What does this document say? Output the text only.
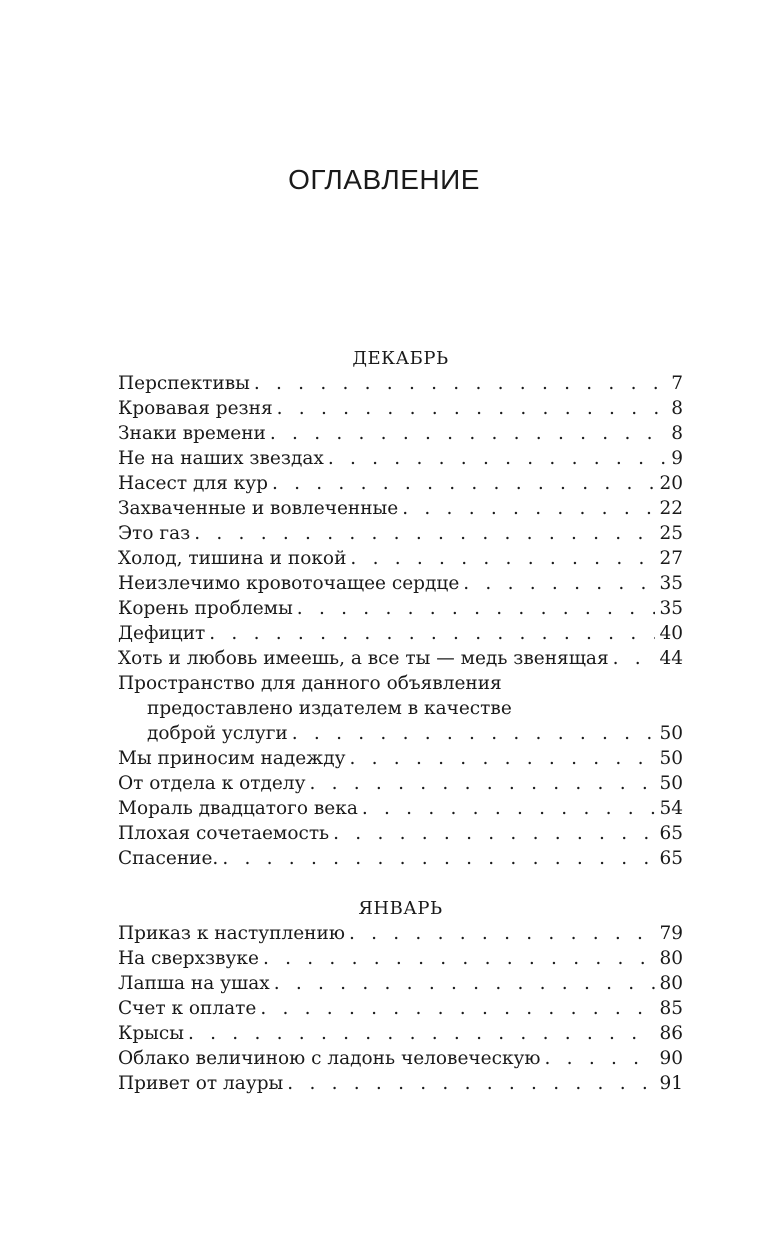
ОГЛАВЛЕНИЕ
ДЕКАБРЬ
Перспективы . . .	7
Кровавая резня . . .	8
Знаки времени . . .	8
Не на наших звездах . . .	9
Насест для кур . . .	20
Захваченные и вовлеченные . . .	22
Это газ . . .	25
Холод, тишина и покой . . .	27
Неизлечимо кровоточащее сердце . . .	35
Корень проблемы . . .	35
Дефицит . . .	40
Хоть и любовь имеешь, а все ты — медь звенящая . . .	44
Пространство для данного объявления
предоставлено издателем в качестве
доброй услуги . . .	50
Мы приносим надежду . . .	50
От отдела к отделу . . .	50
Мораль двадцатого века . . .	54
Плохая сочетаемость . . .	65
Спасение. . . .	65
ЯНВАРЬ
Приказ к наступлению . . .	79
На сверхзвуке . . .	80
Лапша на ушах . . .	80
Счет к оплате . . .	85
Крысы . . .	86
Облако величиною с ладонь человеческую . . .	90
Привет от лауры . . .	91
